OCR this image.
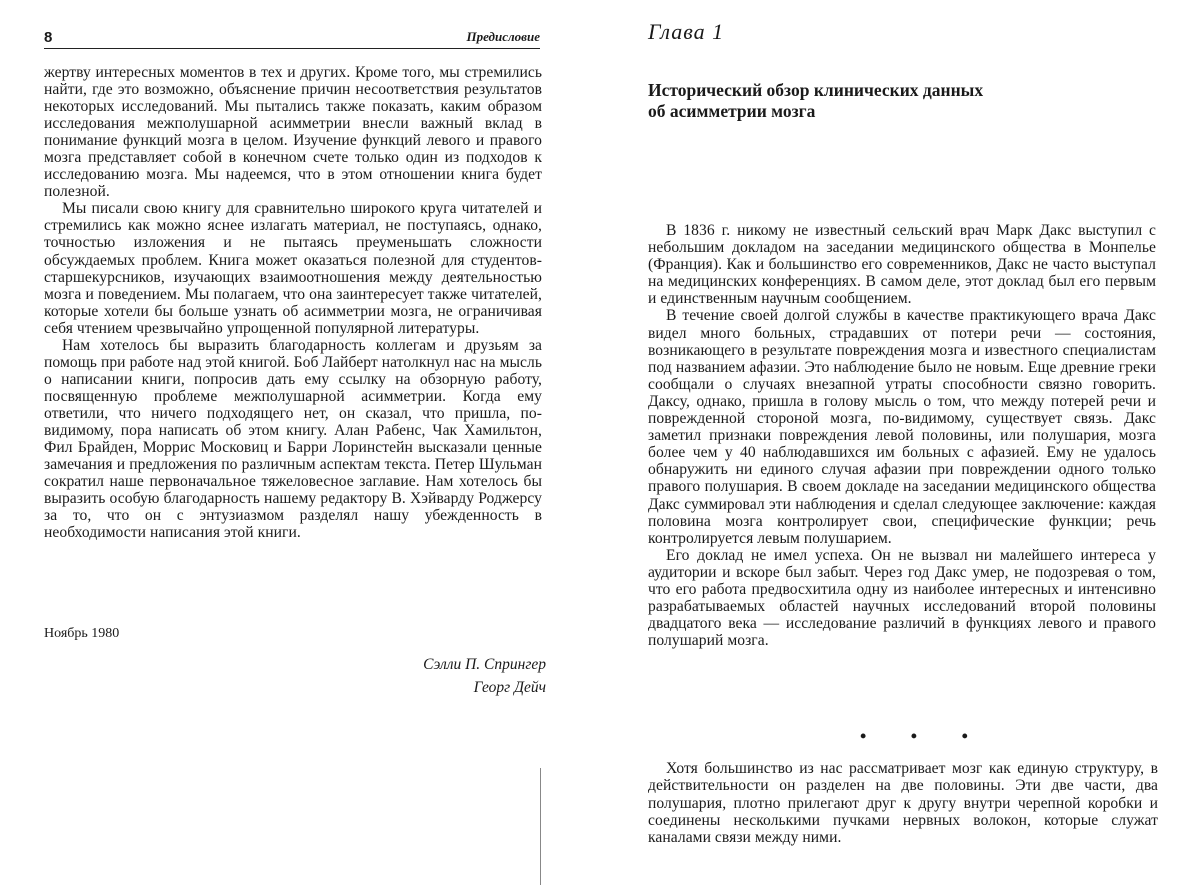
8	Предисловие

жертву интересных моментов в тех и других. Кроме того, мы стремились найти, где это возможно, объяснение причин несоответствия результатов некоторых исследований. Мы пытались также показать, каким образом исследования межполушарной асимметрии внесли важный вклад в понимание функций мозга в целом. Изучение функций левого и правого мозга представляет собой в конечном счете только один из подходов к исследованию мозга. Мы надеемся, что в этом отношении книга будет полезной.

Мы писали свою книгу для сравнительно широкого круга читателей и стремились как можно яснее излагать материал, не поступаясь, однако, точностью изложения и не пытаясь преуменьшать сложности обсуждаемых проблем. Книга может оказаться полезной для студентов-старшекурсников, изучающих взаимоотношения между деятельностью мозга и поведением. Мы полагаем, что она заинтересует также читателей, которые хотели бы больше узнать об асимметрии мозга, не ограничивая себя чтением чрезвычайно упрощенной популярной литературы.

Нам хотелось бы выразить благодарность коллегам и друзьям за помощь при работе над этой книгой. Боб Лайберт натолкнул нас на мысль о написании книги, попросив дать ему ссылку на обзорную работу, посвященную проблеме межполушарной асимметрии. Когда ему ответили, что ничего подходящего нет, он сказал, что пришла, по-видимому, пора написать об этом книгу. Алан Рабенс, Чак Хамильтон, Фил Брайден, Моррис Московиц и Барри Лоринстейн высказали ценные замечания и предложения по различным аспектам текста. Петер Шульман сократил наше первоначальное тяжеловесное заглавие. Нам хотелось бы выразить особую благодарность нашему редактору В. Хэйварду Роджерсу за то, что он с энтузиазмом разделял нашу убежденность в необходимости написания этой книги.

Ноябрь 1980
Сэлли П. Спрингер
Георг Дейч
Глава 1
Исторический обзор клинических данных
об асимметрии мозга

В 1836 г. никому не известный сельский врач Марк Дакс выступил с небольшим докладом на заседании медицинского общества в Монпелье (Франция). Как и большинство его современников, Дакс не часто выступал на медицинских конференциях. В самом деле, этот доклад был его первым и единственным научным сообщением.

В течение своей долгой службы в качестве практикующего врача Дакс видел много больных, страдавших от потери речи — состояния, возникающего в результате повреждения мозга и известного специалистам под названием афазии. Это наблюдение было не новым. Еще древние греки сообщали о случаях внезапной утраты способности связно говорить. Даксу, однако, пришла в голову мысль о том, что между потерей речи и поврежденной стороной мозга, по-видимому, существует связь. Дакс заметил признаки повреждения левой половины, или полушария, мозга более чем у 40 наблюдавшихся им больных с афазией. Ему не удалось обнаружить ни единого случая афазии при повреждении одного только правого полушария. В своем докладе на заседании медицинского общества Дакс суммировал эти наблюдения и сделал следующее заключение: каждая половина мозга контролирует свои, специфические функции; речь контролируется левым полушарием.

Его доклад не имел успеха. Он не вызвал ни малейшего интереса у аудитории и вскоре был забыт. Через год Дакс умер, не подозревая о том, что его работа предвосхитила одну из наиболее интересных и интенсивно разрабатываемых областей научных исследований второй половины двадцатого века — исследование различий в функциях левого и правого полушарий мозга.

• • •

Хотя большинство из нас рассматривает мозг как единую структуру, в действительности он разделен на две половины. Эти две части, два полушария, плотно прилегают друг к другу внутри черепной коробки и соединены несколькими пучками нервных волокон, которые служат каналами связи между ними.
